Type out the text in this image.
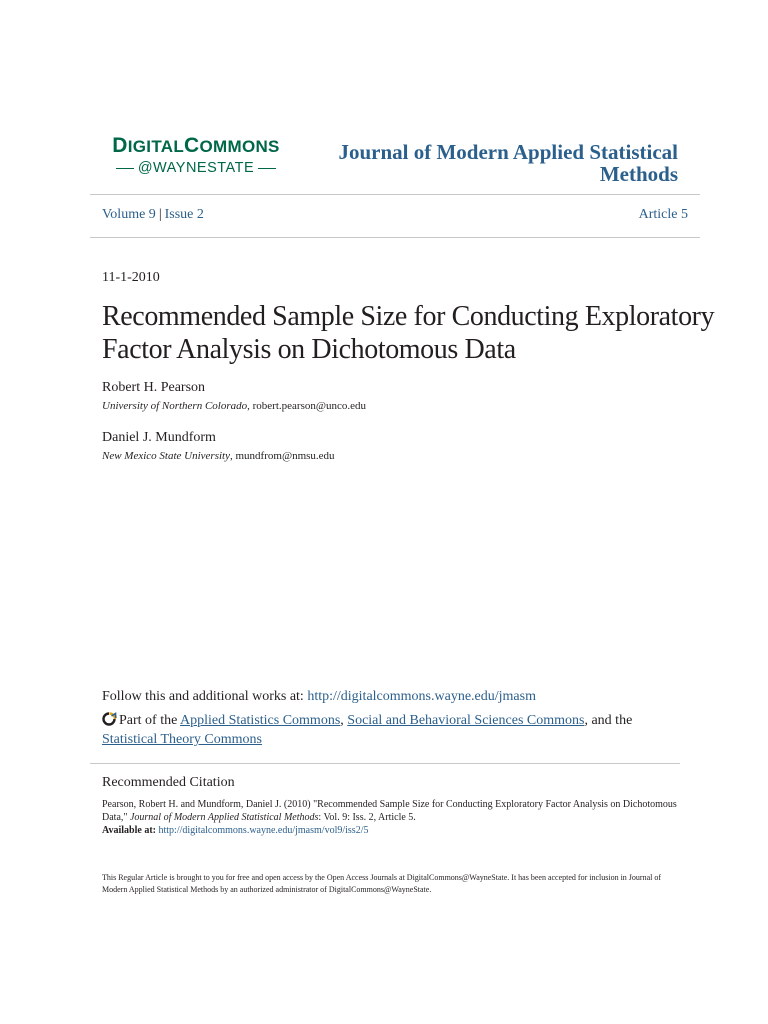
DIGITALCOMMONS
@WAYNESTATE
Journal of Modern Applied Statistical Methods
Volume 9 | Issue 2	Article 5
11-1-2010
Recommended Sample Size for Conducting Exploratory Factor Analysis on Dichotomous Data
Robert H. Pearson
University of Northern Colorado, robert.pearson@unco.edu
Daniel J. Mundform
New Mexico State University, mundfrom@nmsu.edu
Follow this and additional works at: http://digitalcommons.wayne.edu/jmasm
Part of the Applied Statistics Commons, Social and Behavioral Sciences Commons, and the
Statistical Theory Commons
Recommended Citation
Pearson, Robert H. and Mundform, Daniel J. (2010) "Recommended Sample Size for Conducting Exploratory Factor Analysis on Dichotomous Data," Journal of Modern Applied Statistical Methods: Vol. 9: Iss. 2, Article 5.
Available at: http://digitalcommons.wayne.edu/jmasm/vol9/iss2/5
This Regular Article is brought to you for free and open access by the Open Access Journals at DigitalCommons@WayneState. It has been accepted for inclusion in Journal of Modern Applied Statistical Methods by an authorized administrator of DigitalCommons@WayneState.
